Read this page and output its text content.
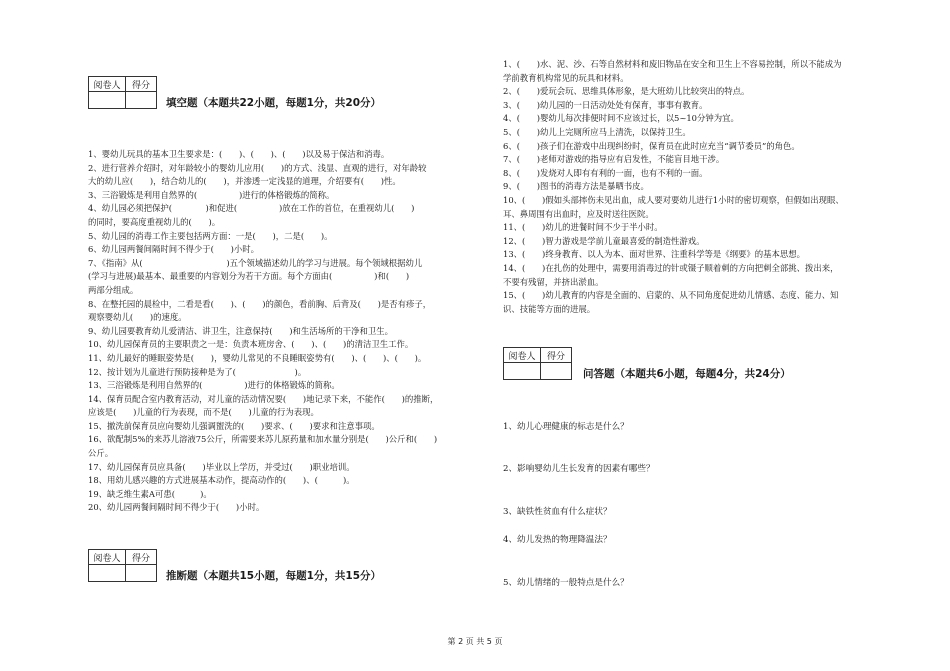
阅卷人	得分

填空题（本题共22小题，每题1分，共20分）
1、婴幼儿玩具的基本卫生要求是：(　　)、(　　)、(　　)以及易于保洁和消毒。
2、进行营养介绍时，对年龄较小的婴幼儿应用(　　)的方式、浅显、直观的进行，对年龄较
大的幼儿应(　　)，结合幼儿的(　　)，并渗透一定浅显的道理，介绍要有(　　)性。
3、三浴锻炼是利用自然界的(　　　　　)进行的体格锻炼的简称。
4、幼儿园必须把保护(　　　　)和促进(　　　　　)放在工作的首位，在重视幼儿(　　)
的同时，要高度重视幼儿的(　　)。
5、幼儿园的消毒工作主要包括两方面：一是(　　)，二是(　　)。
6、幼儿园两餐间隔时间不得少于(　　)小时。
7、《指南》从(　　　　　　　　　　)五个领域描述幼儿的学习与进展。每个领域根据幼儿
(学习与进展)最基本、最重要的内容划分为若干方面。每个方面由(　　　　　)和(　　)
两部分组成。
8、在整托园的晨检中，二看是看(　　)、(　　)的颜色，看前胸、后背及(　　)是否有疹子，
观察婴幼儿(　　)的速度。
9、幼儿园要教育幼儿爱清洁、讲卫生，注意保持(　　)和生活场所的干净和卫生。
10、幼儿园保育员的主要职责之一是：负责本班房舍、(　　)、(　　)的清洁卫生工作。
11、幼儿最好的睡眠姿势是(　　)，婴幼儿常见的不良睡眠姿势有(　　)、(　　)、(　　)。
12、按计划为儿童进行预防接种是为了(　　　　　　　)。
13、三浴锻炼是利用自然界的(　　　　　)进行的体格锻炼的简称。
14、保育员配合室内教育活动，对儿童的活动情况要(　　)地记录下来，不能作(　　)的推断，
应该是(　　)儿童的行为表现，而不是(　　)儿童的行为表现。
15、撤洗前保育员应向婴幼儿强调盥洗的(　　)要求、(　　)要求和注意事项。
16、欲配制5%的来苏儿溶液75公斤，所需要来苏儿原药量和加水量分别是(　　)公斤和(　　)
公斤。
17、幼儿园保育员应具备(　　)毕业以上学历，并受过(　　)职业培训。
18、用幼儿感兴趣的方式进展基本动作，提高动作的(　　)、(　　　)。
19、缺乏维生素A可患(　　　)。
20、幼儿园两餐间隔时间不得少于(　　)小时。
阅卷人	得分

推断题（本题共15小题，每题1分，共15分）
1、(　　)水、泥、沙、石等自然材料和废旧物品在安全和卫生上不容易控制，所以不能成为
学前教育机构常见的玩具和材料。
2、(　　)爱玩会玩、思维具体形象，是大班幼儿比较突出的特点。
3、(　　)幼儿园的一日活动处处有保育，事事有教育。
4、(　　)婴幼儿每次排便时间不应该过长，以5~10分钟为宜。
5、(　　)幼儿上完厕所应马上清洗，以保持卫生。
6、(　　)孩子们在游戏中出现纠纷时，保育员在此时应充当“调节委员”的角色。
7、(　　)老师对游戏的指导应有启发性，不能盲目地干涉。
8、(　　)发烧对人即有有利的一面，也有不利的一面。
9、(　　)图书的消毒方法是暴晒书皮。
10、(　　)假如头部摔伤未见出血，成人要对要幼儿进行1小时的密切观察，但假如出现眼、
耳、鼻周围有出血时，应及时送往医院。
11、(　　)幼儿的进餐时间不少于半小时。
12、(　　)智力游戏是学前儿童最喜爱的制造性游戏。
13、(　　)终身教育、以人为本、面对世界、注重科学等是《纲要》的基本思想。
14、(　　)在扎伤的处理中，需要用消毒过的针或镊子顺着刺的方向把刺全部挑、拨出来，
不要有残留，并挤出淤血。
15、(　　)幼儿教育的内容是全面的、启蒙的、从不同角度促进幼儿情感、态度、能力、知
识、技能等方面的进展。
阅卷人	得分

问答题（本题共6小题，每题4分，共24分）
1、幼儿心理健康的标志是什么？
2、影响婴幼儿生长发育的因素有哪些？
3、缺铁性贫血有什么症状？
4、幼儿发热的物理降温法？
5、幼儿情绪的一般特点是什么？
第 2 页 共 5 页
